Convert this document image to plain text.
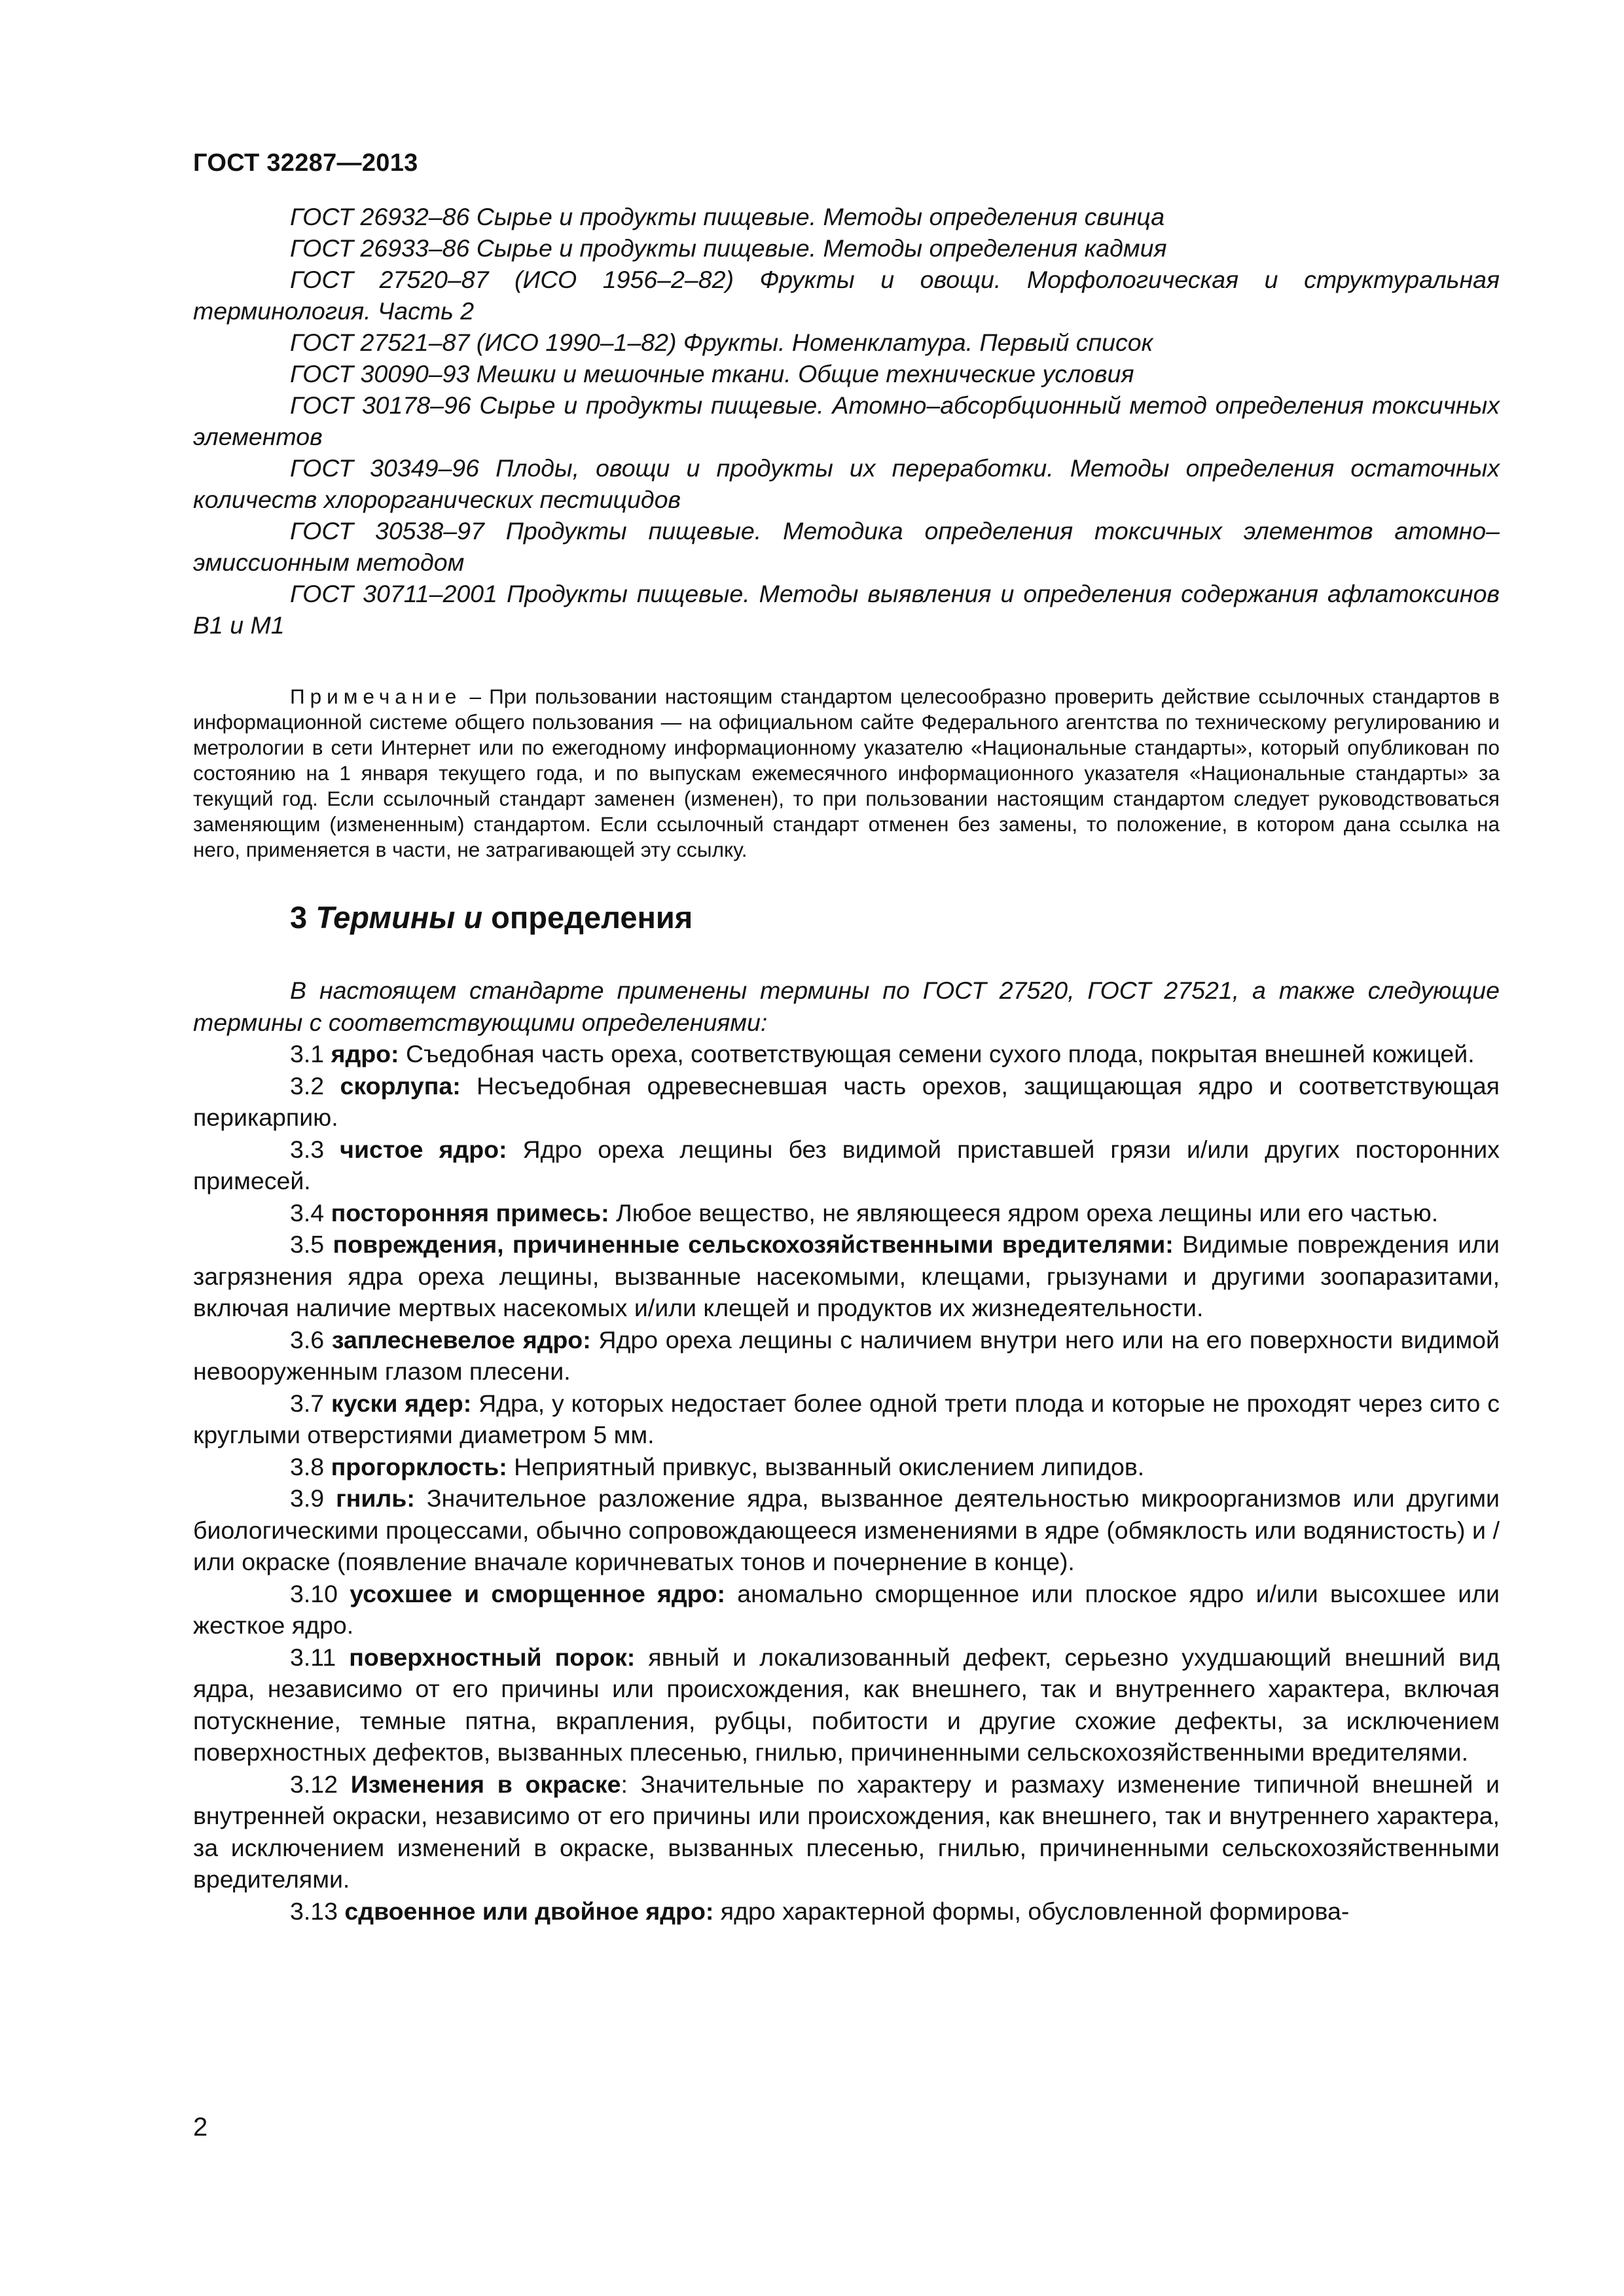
ГОСТ 32287—2013

ГОСТ 26932–86 Сырье и продукты пищевые. Методы определения свинца

ГОСТ 26933–86 Сырье и продукты пищевые. Методы определения кадмия

ГОСТ 27520–87 (ИСО 1956–2–82) Фрукты и овощи. Морфологическая и структуральная терминология. Часть 2

ГОСТ 27521–87 (ИСО 1990–1–82) Фрукты. Номенклатура. Первый список

ГОСТ 30090–93 Мешки и мешочные ткани. Общие технические условия

ГОСТ 30178–96 Сырье и продукты пищевые. Атомно–абсорбционный метод определения токсичных элементов

ГОСТ 30349–96 Плоды, овощи и продукты их переработки. Методы определения остаточных количеств хлорорганических пестицидов

ГОСТ 30538–97 Продукты пищевые. Методика определения токсичных элементов атомно–эмиссионным методом

ГОСТ 30711–2001 Продукты пищевые. Методы выявления и определения содержания афлатоксинов В1 и М1

Примечание – При пользовании настоящим стандартом целесообразно проверить действие ссылочных стандартов в информационной системе общего пользования — на официальном сайте Федерального агентства по техническому регулированию и метрологии в сети Интернет или по ежегодному информационному указателю «Национальные стандарты», который опубликован по состоянию на 1 января текущего года, и по выпускам ежемесячного информационного указателя «Национальные стандарты» за текущий год. Если ссылочный стандарт заменен (изменен), то при пользовании настоящим стандартом следует руководствоваться заменяющим (измененным) стандартом. Если ссылочный стандарт отменен без замены, то положение, в котором дана ссылка на него, применяется в части, не затрагивающей эту ссылку.

3 Термины и определения

В настоящем стандарте применены термины по ГОСТ 27520, ГОСТ 27521, а также следующие термины с соответствующими определениями:

3.1 ядро: Съедобная часть ореха, соответствующая семени сухого плода, покрытая внешней кожицей.

3.2 скорлупа: Несъедобная одревесневшая часть орехов, защищающая ядро и соответствующая перикарпию.

3.3 чистое ядро: Ядро ореха лещины без видимой приставшей грязи и/или других посторонних примесей.

3.4 посторонняя примесь: Любое вещество, не являющееся ядром ореха лещины или его частью.

3.5 повреждения, причиненные сельскохозяйственными вредителями: Видимые повреждения или загрязнения ядра ореха лещины, вызванные насекомыми, клещами, грызунами и другими зоопаразитами, включая наличие мертвых насекомых и/или клещей и продуктов их жизнедеятельности.

3.6 заплесневелое ядро: Ядро ореха лещины с наличием внутри него или на его поверхности видимой невооруженным глазом плесени.

3.7 куски ядер: Ядра, у которых недостает более одной трети плода и которые не проходят через сито с круглыми отверстиями диаметром 5 мм.

3.8 прогорклость: Неприятный привкус, вызванный окислением липидов.

3.9 гниль: Значительное разложение ядра, вызванное деятельностью микроорганизмов или другими биологическими процессами, обычно сопровождающееся изменениями в ядре (обмяклость или водянистость) и /или окраске (появление вначале коричневатых тонов и почернение в конце).

3.10 усохшее и сморщенное ядро: аномально сморщенное или плоское ядро и/или высохшее или жесткое ядро.

3.11 поверхностный порок: явный и локализованный дефект, серьезно ухудшающий внешний вид ядра, независимо от его причины или происхождения, как внешнего, так и внутреннего характера, включая потускнение, темные пятна, вкрапления, рубцы, побитости и другие схожие дефекты, за исключением поверхностных дефектов, вызванных плесенью, гнилью, причиненными сельскохозяйственными вредителями.

3.12 Изменения в окраске: Значительные по характеру и размаху изменение типичной внешней и внутренней окраски, независимо от его причины или происхождения, как внешнего, так и внутреннего характера, за исключением изменений в окраске, вызванных плесенью, гнилью, причиненными сельскохозяйственными вредителями.

3.13 сдвоенное или двойное ядро: ядро характерной формы, обусловленной формирова-

2
